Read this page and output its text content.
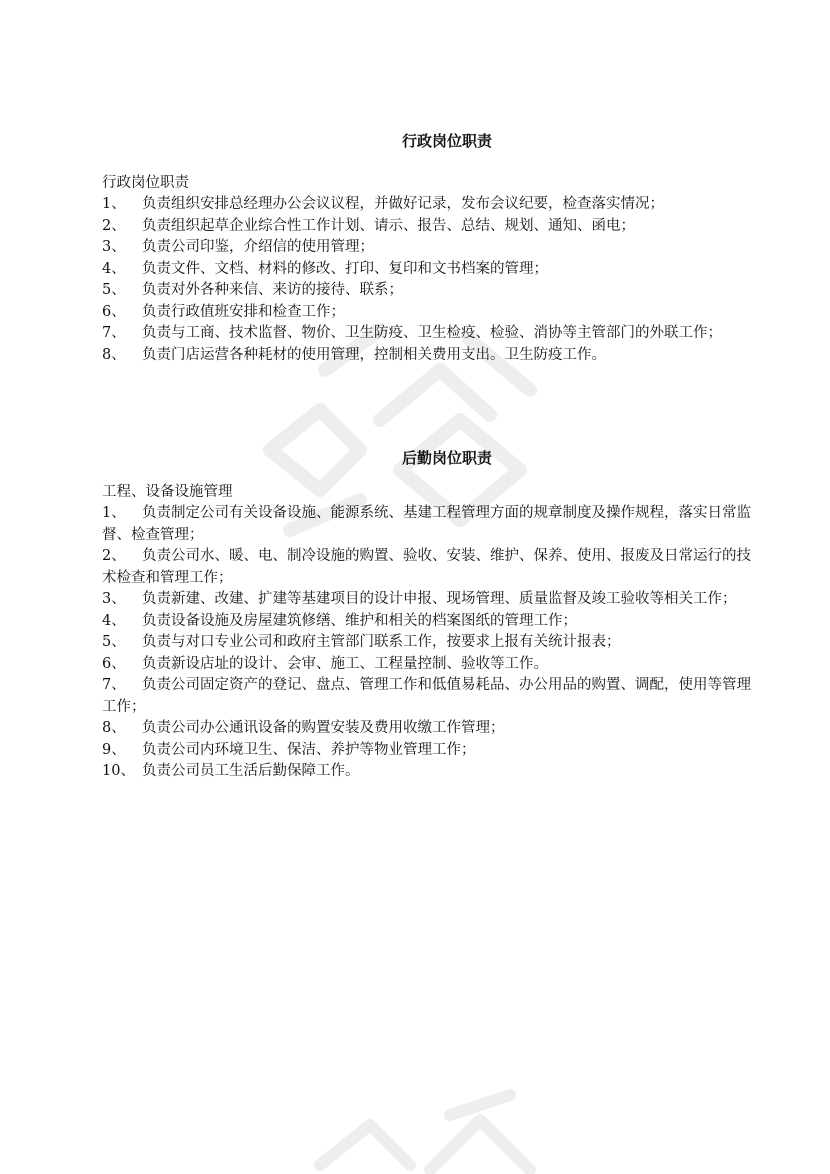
行政岗位职责

行政岗位职责

1、 负责组织安排总经理办公会议议程，并做好记录，发布会议纪要，检查落实情况；

2、 负责组织起草企业综合性工作计划、请示、报告、总结、规划、通知、函电；

3、 负责公司印鉴，介绍信的使用管理；

4、 负责文件、文档、材料的修改、打印、复印和文书档案的管理；

5、 负责对外各种来信、来访的接待、联系；

6、 负责行政值班安排和检查工作；

7、 负责与工商、技术监督、物价、卫生防疫、卫生检疫、检验、消协等主管部门的外联工作；

8、 负责门店运营各种耗材的使用管理，控制相关费用支出。卫生防疫工作。

后勤岗位职责

工程、设备设施管理

1、 负责制定公司有关设备设施、能源系统、基建工程管理方面的规章制度及操作规程，落实日常监督、检查管理；

2、 负责公司水、暖、电、制冷设施的购置、验收、安装、维护、保养、使用、报废及日常运行的技术检查和管理工作；

3、 负责新建、改建、扩建等基建项目的设计申报、现场管理、质量监督及竣工验收等相关工作；

4、 负责设备设施及房屋建筑修缮、维护和相关的档案图纸的管理工作；

5、 负责与对口专业公司和政府主管部门联系工作，按要求上报有关统计报表；

6、 负责新设店址的设计、会审、施工、工程量控制、验收等工作。

7、 负责公司固定资产的登记、盘点、管理工作和低值易耗品、办公用品的购置、调配，使用等管理工作；

8、 负责公司办公通讯设备的购置安装及费用收缴工作管理；

9、 负责公司内环境卫生、保洁、养护等物业管理工作；

10、 负责公司员工生活后勤保障工作。
